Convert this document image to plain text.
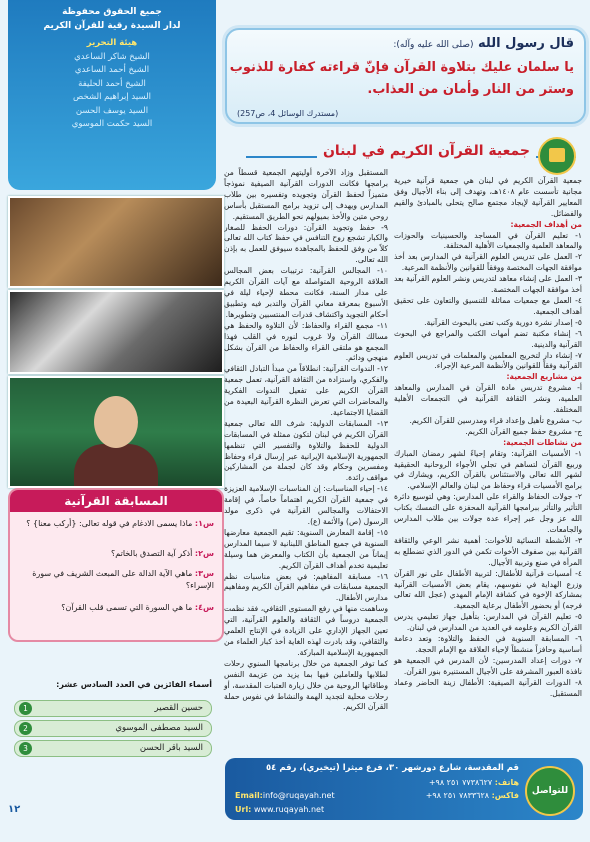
قال رسول الله (صلى الله عليه وآله):
يا سلمان عليك بتلاوة القرآن فإنّ قراءته كفارة للذنوب
وستر من النار وأمان من العذاب.
(مستدرك الوسائل 4، ص257)
جميع الحقوق محفوظة
لدار السيدة رقية للقرآن الكريم
هيئة التحرير
الشيخ شاكر الساعدي
الشيخ أحمد الساعدي
الشيخ أحمد الحليفة
السيد إبراهيم الشخص
السيد يوسف الحسن
السيد حكمت الموسوي
جمعية القرآن الكريم في لبنان

جمعية القرآن الكريم في لبنان هي جمعية قرآنية خيرية مجانية تأسست عام ١٤٠٨هـ، وتهدف إلى بناء الأجيال وفق المعايير القرآنية لإيجاد مجتمع صالح يتحلى بالمبادئ والقيم والفضائل.

من أهداف الجمعية:

١- تعليم القرآن في المساجد والحسينيات والحوزات والمعاهد العلمية والجمعيات الأهلية المختلفة.

٢- العمل على تدريس العلوم القرآنية في المدارس بعد أخذ موافقة الجهات المختصة ووفقاً للقوانين والأنظمة المرعية.

٣- العمل على إنشاء معاهد لتدريس ونشر العلوم القرآنية بعد أخذ موافقة الجهات المختصة.

٤- العمل مع جمعيات مماثلة للتنسيق والتعاون على تحقيق أهداف الجمعية.

٥- إصدار نشرة دورية وكتب تعنى بالبحوث القرآنية.

٦- إنشاء مكتبة تضم أمهات الكتب والمراجع في البحوث القرآنية والدينية.

٧- إنشاء دار لتخريج المعلمين والمعلمات في تدريس العلوم القرآنية وفقاً للقوانين والأنظمة المرعية الإجراء.

من مشاريع الجمعية:

أ- مشروع تدريس مادة القرآن في المدارس والمعاهد العلمية، ونشر الثقافة القرآنية في التجمعات الأهلية المختلفة.

ب- مشروع تأهيل وإعداد قراء ومدرسين للقرآن الكريم.

ج- مشروع حفظ جميع القرآن الكريم.

من نشاطات الجمعية:

١- الأمسيات القرآنية: وتقام إحياءً لشهر رمضان المبارك وربيع القرآن لتساهم في تجلي الأجواء الروحانية الحقيقية لشهر الله تعالى والاستئناس بالقرآن الكريم، ويشارك في برامج الأمسيات قراء وحفاظ من لبنان والعالم الإسلامي.

٢- جولات الحفاظ والقراء على المدارس: وهي لتوسيع دائرة التأثير والتأثر ببرامجها القرآنية المحفزة على التمسك بكتاب الله عز وجل عبر إجراء عدة جولات بين طلاب المدارس والجامعات.

٣- الأنشطة النسائية للأخوات: أهمية نشر الوعي والثقافة القرآنية بين صفوف الأخوات تكمن في الدور الذي تضطلع به المرأة في صنع وتربية الأجيال.

٤- أمسيات قرآنية للأطفال: لتربية الأطفال على نور القرآن وزرع الهداية في نفوسهم، يقام بعض الأمسيات القرآنية بمشاركة الإخوة في كشافة الإمام المهدي (عجل الله تعالى فرجه) أو بحضور الأطفال برعاية الجمعية.

٥- تعليم القرآن في المدارس: بتأهيل جهاز تعليمي يدرس القرآن الكريم وعلومه في العديد من المدارس في لبنان.

٦- المسابقة السنوية في الحفظ والتلاوة: وتعد دعامة أساسية وحافزاً منشطاً لإحياء العلاقة مع الإمام الحجة.

٧- دورات إعداد المدرسين: لأن المدرس في الجمعية هو نافذة العبور المشرفة على الأجيال المستنيرة بنور القرآن.

٨- الدورات القرآنية الصيفية: الأطفال زينة الحاضر وعماد المستقبل.

المستقبل وزاد الآخرة أوليتهم الجمعية قسطاً من برامجها فكانت الدورات القرآنية الصيفية نموذجاً متميزاً لحفظ القرآن وتجويده وتفسيره بين طلاب المدارس ويهدف إلى تزويد برامج المستقبل بأساس روحي متين والأخذ بميولهم نحو الطريق المستقيم.

٩- حفظ وتجويد القرآن: دورات الحفظ للصغار والكبار تشجع روح التنافس في حفظ كتاب الله تعالى كلاً من وفق للحفظ بالمجاهدة سيوفق للعمل به بإذن الله تعالى.

١٠- المجالس القرآنية: ترتيبات بعض المجالس العلاقة الروحية المتواصلة مع آيات القرآن الكريم على مدار السنة، فكانت محطة لإحياء ليلة في الأسبوع بمعرفة معاني القرآن والتدبر فيه وتطبيق أحكام التجويد واكتشاف قدرات المنتسبين وتطويرها.

١١- مجمع القراء والحفاظ: لأن التلاوة والحفظ هي مسالك القرآن ولا غروب لنوره في القلب فهذا المجمع هو ملتقى القراء والحفاظ من القرآن بشكل منهجي ودائم.

١٢- الندوات القرآنية: انطلاقاً من مبدأ التبادل الثقافي والفكري، واستزادة من الثقافة القرآنية، تعمل جمعية القرآن الكريم على تفعيل الندوات الفكرية والمحاضرات التي تعرض النظرة القرآنية البعيدة من القضايا الاجتماعية.

١٣- المسابقات الدولية: شرف الله تعالى جمعية القرآن الكريم في لبنان لتكون ممثلة في المسابقات الدولية للحفظ والتلاوة والتفسير التي تنظمها الجمهورية الإسلامية الإيرانية عبر إرسال قراء وحفاظ ومفسرين وحكام وقد كان لجملة من المشاركين مواقف رائدة.

١٤- إحياء المناسبات: إن المناسبات الإسلامية العزيزة في جمعية القرآن الكريم اهتماماً خاصاً، في إقامة الاحتفالات والمجالس القرآنية في ذكرى مولد الرسول (ص) والأئمة (ع).

١٥- إقامة المعارض السنوية: تقيم الجمعية معارضها السنوية في جميع المناطق اللبنانية لا سيما المدارس إيماناً من الجمعية بأن الكتاب والمعرض هما وسيلة تعليمية تخدم أهداف القرآن الكريم.

١٦- مسابقة المفاهيم: في بعض مناسبات نظم الجمعية مسابقات في مفاهيم القرآن الكريم ومفاهيم مدارس الأطفال.

وساهمت منها في رفع المستوى الثقافي، فقد نظمت الجمعية دروساً في الثقافة والعلوم القرآنية، التي تعين الجهاز الإداري على الزيادة في الإنتاج العلمي والثقافي، وقد بادرت لهذه الغاية أخذ كبار العلماء من الجمهورية الإسلامية المباركة.

كما توفر الجمعية من خلال برنامجها السنوي رحلات لطلابها وللعاملين فيها بما يزيد من عزيمة النفس وطاقاتها الروحية من خلال زيارة العتبات المقدسة، أو رحلات محلية لتجديد الهمة والنشاط في نفوس حملة القرآن الكريم.

المسابقة القرآنية
س١: ماذا يسمى الادغام في قوله تعالى: {أركب معنا} ؟
س٢: أذكر آية التصدق بالخاتم؟
س٣: ماهي الآية الدالة على المبعث الشريف في سورة الإسراء؟
س٤: ما هي السورة التي تسمى قلب القرآن؟
أسماء الفائزين في العدد السادس عشر:
حسين القصير
1
السيد مصطفى الموسوي
2
السيد باقر الحسن
3
للتواصل
قم المقدسة، شارع دورشهر ٣٠، فرع ميثرا (تيخيري)، رقم ٥٤
هاتف: ٧٧٣٨٦٢٧ ٢٥١ ٩٨+
فاكس: ٧٨٣٣٦٢٨ ٢٥١ ٩٨+
Email:info@ruqayah.net
Url: www.ruqayah.net
١٢
